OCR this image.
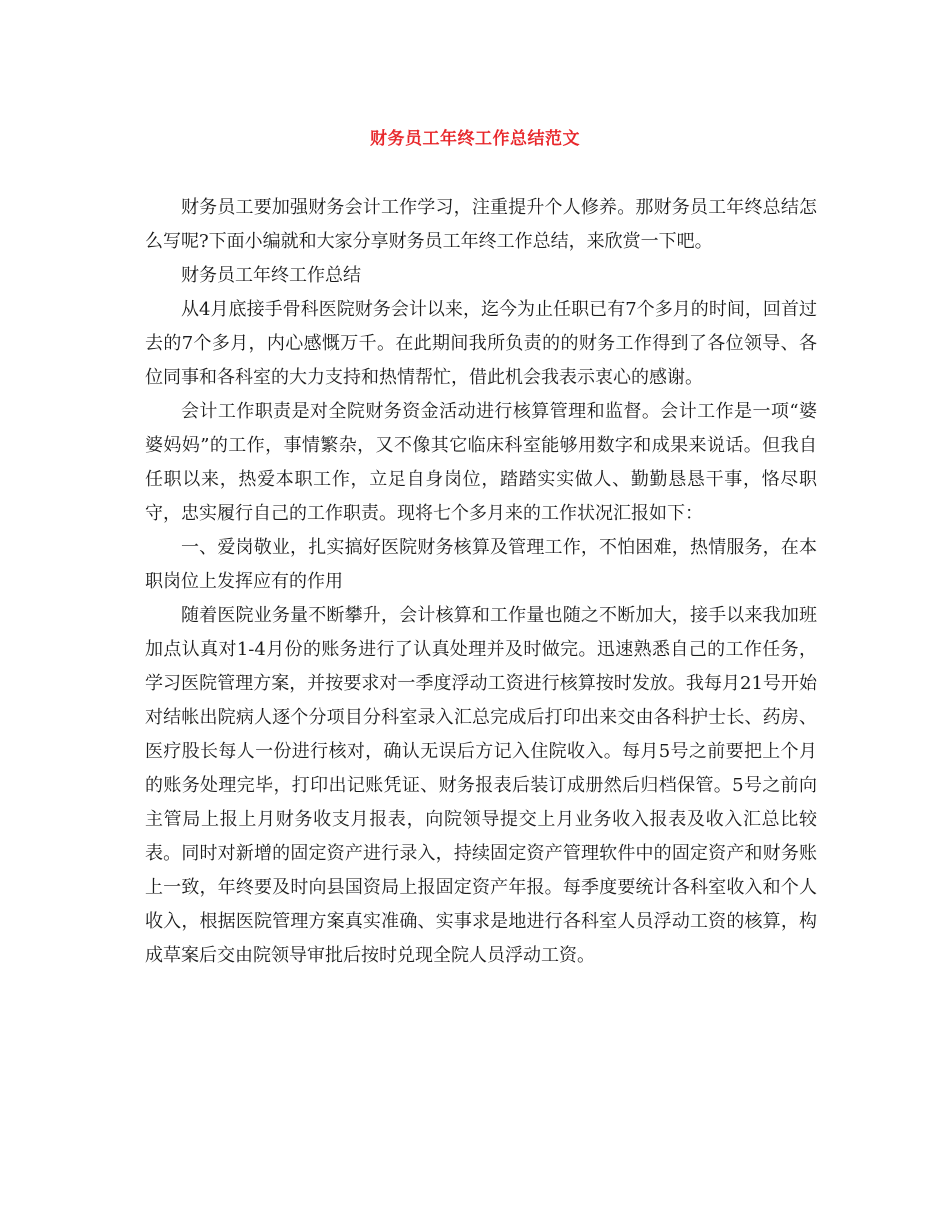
财务员工年终工作总结范文

财务员工要加强财务会计工作学习，注重提升个人修养。那财务员工年终总结怎么写呢?下面小编就和大家分享财务员工年终工作总结，来欣赏一下吧。

财务员工年终工作总结

从4月底接手骨科医院财务会计以来，迄今为止任职已有7个多月的时间，回首过去的7个多月，内心感慨万千。在此期间我所负责的的财务工作得到了各位领导、各位同事和各科室的大力支持和热情帮忙，借此机会我表示衷心的感谢。

会计工作职责是对全院财务资金活动进行核算管理和监督。会计工作是一项“婆婆妈妈”的工作，事情繁杂，又不像其它临床科室能够用数字和成果来说话。但我自任职以来，热爱本职工作，立足自身岗位，踏踏实实做人、勤勤恳恳干事，恪尽职守，忠实履行自己的工作职责。现将七个多月来的工作状况汇报如下：

一、爱岗敬业，扎实搞好医院财务核算及管理工作，不怕困难，热情服务，在本职岗位上发挥应有的作用

随着医院业务量不断攀升，会计核算和工作量也随之不断加大，接手以来我加班加点认真对1-4月份的账务进行了认真处理并及时做完。迅速熟悉自己的工作任务，学习医院管理方案，并按要求对一季度浮动工资进行核算按时发放。我每月21号开始对结帐出院病人逐个分项目分科室录入汇总完成后打印出来交由各科护士长、药房、医疗股长每人一份进行核对，确认无误后方记入住院收入。每月5号之前要把上个月的账务处理完毕，打印出记账凭证、财务报表后装订成册然后归档保管。5号之前向主管局上报上月财务收支月报表，向院领导提交上月业务收入报表及收入汇总比较表。同时对新增的固定资产进行录入，持续固定资产管理软件中的固定资产和财务账上一致，年终要及时向县国资局上报固定资产年报。每季度要统计各科室收入和个人收入，根据医院管理方案真实准确、实事求是地进行各科室人员浮动工资的核算，构成草案后交由院领导审批后按时兑现全院人员浮动工资。
